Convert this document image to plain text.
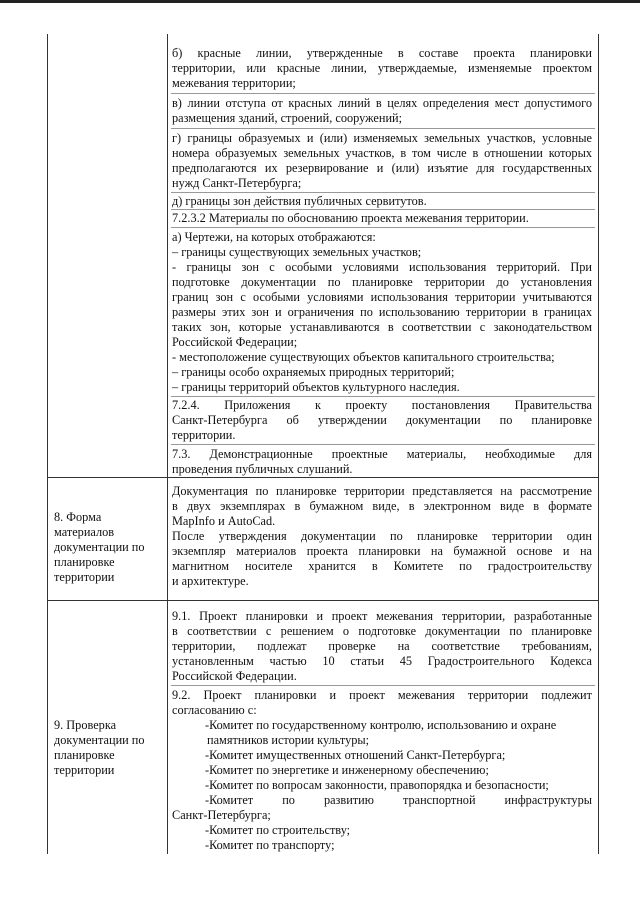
б) красные линии, утвержденные в составе проекта планировки
территории, или красные линии, утверждаемые, изменяемые проектом
межевания территории;
в) линии отступа от красных линий в целях определения мест допустимого
размещения зданий, строений, сооружений;
г) границы образуемых и (или) изменяемых земельных участков, условные
номера образуемых земельных участков, в том числе в отношении которых
предполагаются их резервирование и (или) изъятие для государственных
нужд Санкт-Петербурга;
д) границы зон действия публичных сервитутов.
7.2.3.2 Материалы по обоснованию проекта межевания территории.
а) Чертежи, на которых отображаются:
– границы существующих земельных участков;
- границы зон с особыми условиями использования территорий. При
подготовке документации по планировке территории до установления
границ зон с особыми условиями использования территории учитываются
размеры этих зон и ограничения по использованию территории в границах
таких зон, которые устанавливаются в соответствии с законодательством
Российской Федерации;
- местоположение существующих объектов капитального строительства;
– границы особо охраняемых природных территорий;
– границы территорий объектов культурного наследия.
7.2.4. Приложения к проекту постановления Правительства
Санкт-Петербурга об утверждении документации по планировке
территории.
7.3. Демонстрационные проектные материалы, необходимые для
проведения публичных слушаний.
8. Форма
материалов
документации по
планировке
территории
Документация по планировке территории представляется на рассмотрение
в двух экземплярах в бумажном виде, в электронном виде в формате
MapInfo и AutoCad.
После утверждения документации по планировке территории один
экземпляр материалов проекта планировки на бумажной основе и на
магнитном носителе хранится в Комитете по градостроительству
и архитектуре.
9. Проверка
документации по
планировке
территории
9.1. Проект планировки и проект межевания территории, разработанные
в соответствии с решением о подготовке документации по планировке
территории, подлежат проверке на соответствие требованиям,
установленным частью 10 статьи 45 Градостроительного Кодекса
Российской Федерации.
9.2. Проект планировки и проект межевания территории подлежит
согласованию с:
-Комитет по государственному контролю, использованию и охране
памятников истории культуры;
-Комитет имущественных отношений Санкт-Петербурга;
-Комитет по энергетике и инженерному обеспечению;
-Комитет по вопросам законности, правопорядка и безопасности;
-Комитет по развитию транспортной инфраструктуры
Санкт-Петербурга;
-Комитет по строительству;
-Комитет по транспорту;
